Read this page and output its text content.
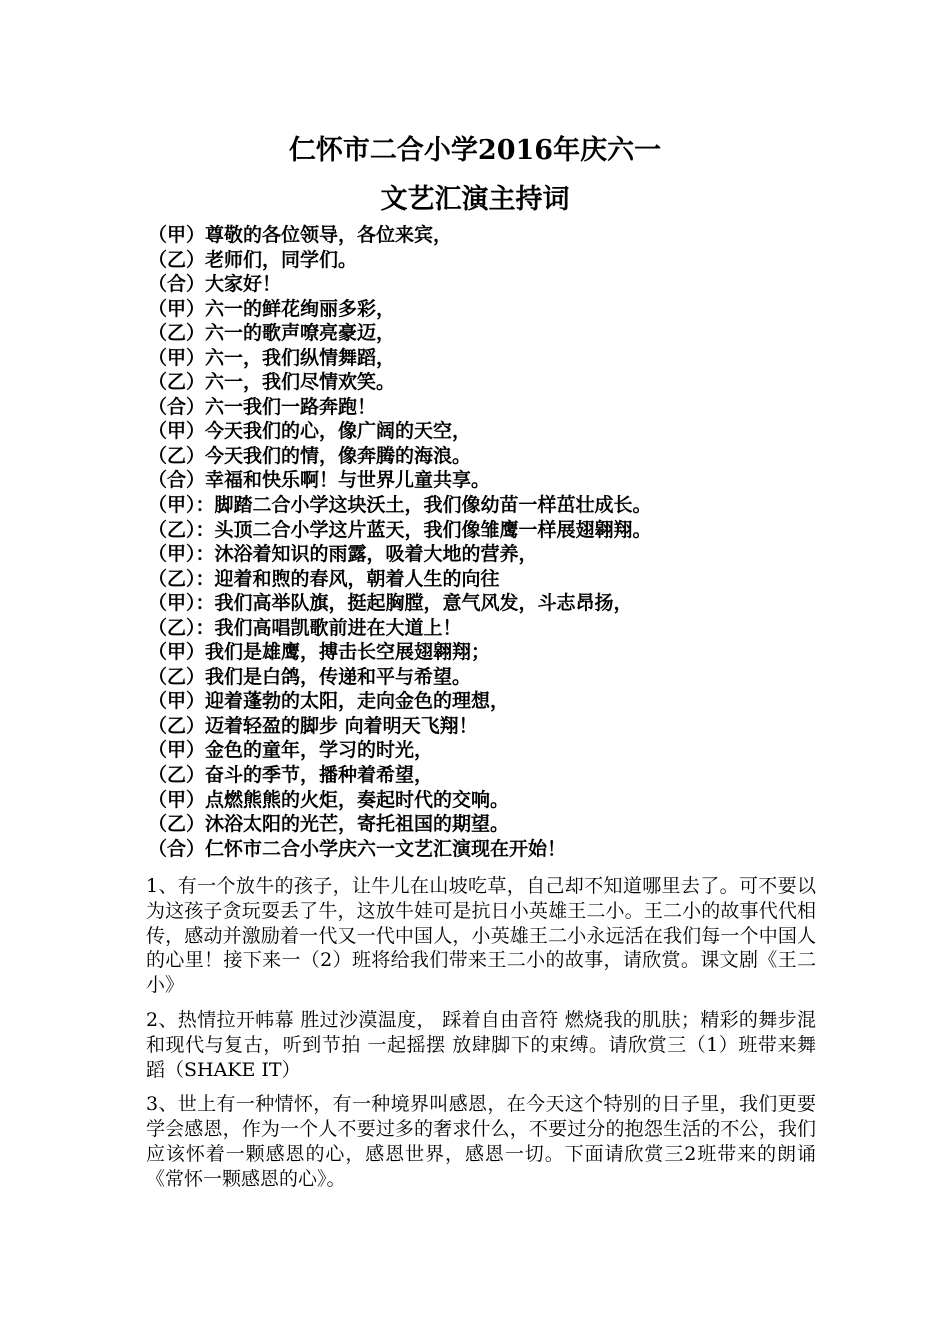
仁怀市二合小学2016年庆六一
文艺汇演主持词
（甲）尊敬的各位领导，各位来宾，
（乙）老师们，同学们。
（合）大家好！
（甲）六一的鲜花绚丽多彩，
（乙）六一的歌声嘹亮豪迈，
（甲）六一，我们纵情舞蹈，
（乙）六一，我们尽情欢笑。
（合）六一我们一路奔跑！
（甲）今天我们的心，像广阔的天空，
（乙）今天我们的情，像奔腾的海浪。
（合）幸福和快乐啊！与世界儿童共享。
（甲）：脚踏二合小学这块沃土，我们像幼苗一样茁壮成长。
（乙）：头顶二合小学这片蓝天，我们像雏鹰一样展翅翱翔。
（甲）：沐浴着知识的雨露，吸着大地的营养，
（乙）：迎着和煦的春风，朝着人生的向往
（甲）：我们高举队旗，挺起胸膛，意气风发，斗志昂扬，
（乙）：我们高唱凯歌前进在大道上！
（甲）我们是雄鹰，搏击长空展翅翱翔；
（乙）我们是白鸽，传递和平与希望。
（甲）迎着蓬勃的太阳，走向金色的理想，
（乙）迈着轻盈的脚步 向着明天飞翔！
（甲）金色的童年，学习的时光，
（乙）奋斗的季节，播种着希望，
（甲）点燃熊熊的火炬，奏起时代的交响。
（乙）沐浴太阳的光芒，寄托祖国的期望。
（合）仁怀市二合小学庆六一文艺汇演现在开始！

1、有一个放牛的孩子，让牛儿在山坡吃草，自己却不知道哪里去了。可不要以为这孩子贪玩耍丢了牛，这放牛娃可是抗日小英雄王二小。王二小的故事代代相传，感动并激励着一代又一代中国人，小英雄王二小永远活在我们每一个中国人的心里！接下来一（2）班将给我们带来王二小的故事，请欣赏。课文剧《王二小》

2、热情拉开帏幕 胜过沙漠温度， 踩着自由音符 燃烧我的肌肤；精彩的舞步混和现代与复古，听到节拍 一起摇摆 放肆脚下的束缚。请欣赏三（1）班带来舞蹈（SHAKE IT）

3、世上有一种情怀，有一种境界叫感恩，在今天这个特别的日子里，我们更要学会感恩，作为一个人不要过多的奢求什么，不要过分的抱怨生活的不公，我们应该怀着一颗感恩的心，感恩世界，感恩一切。下面请欣赏三2班带来的朗诵《常怀一颗感恩的心》。
